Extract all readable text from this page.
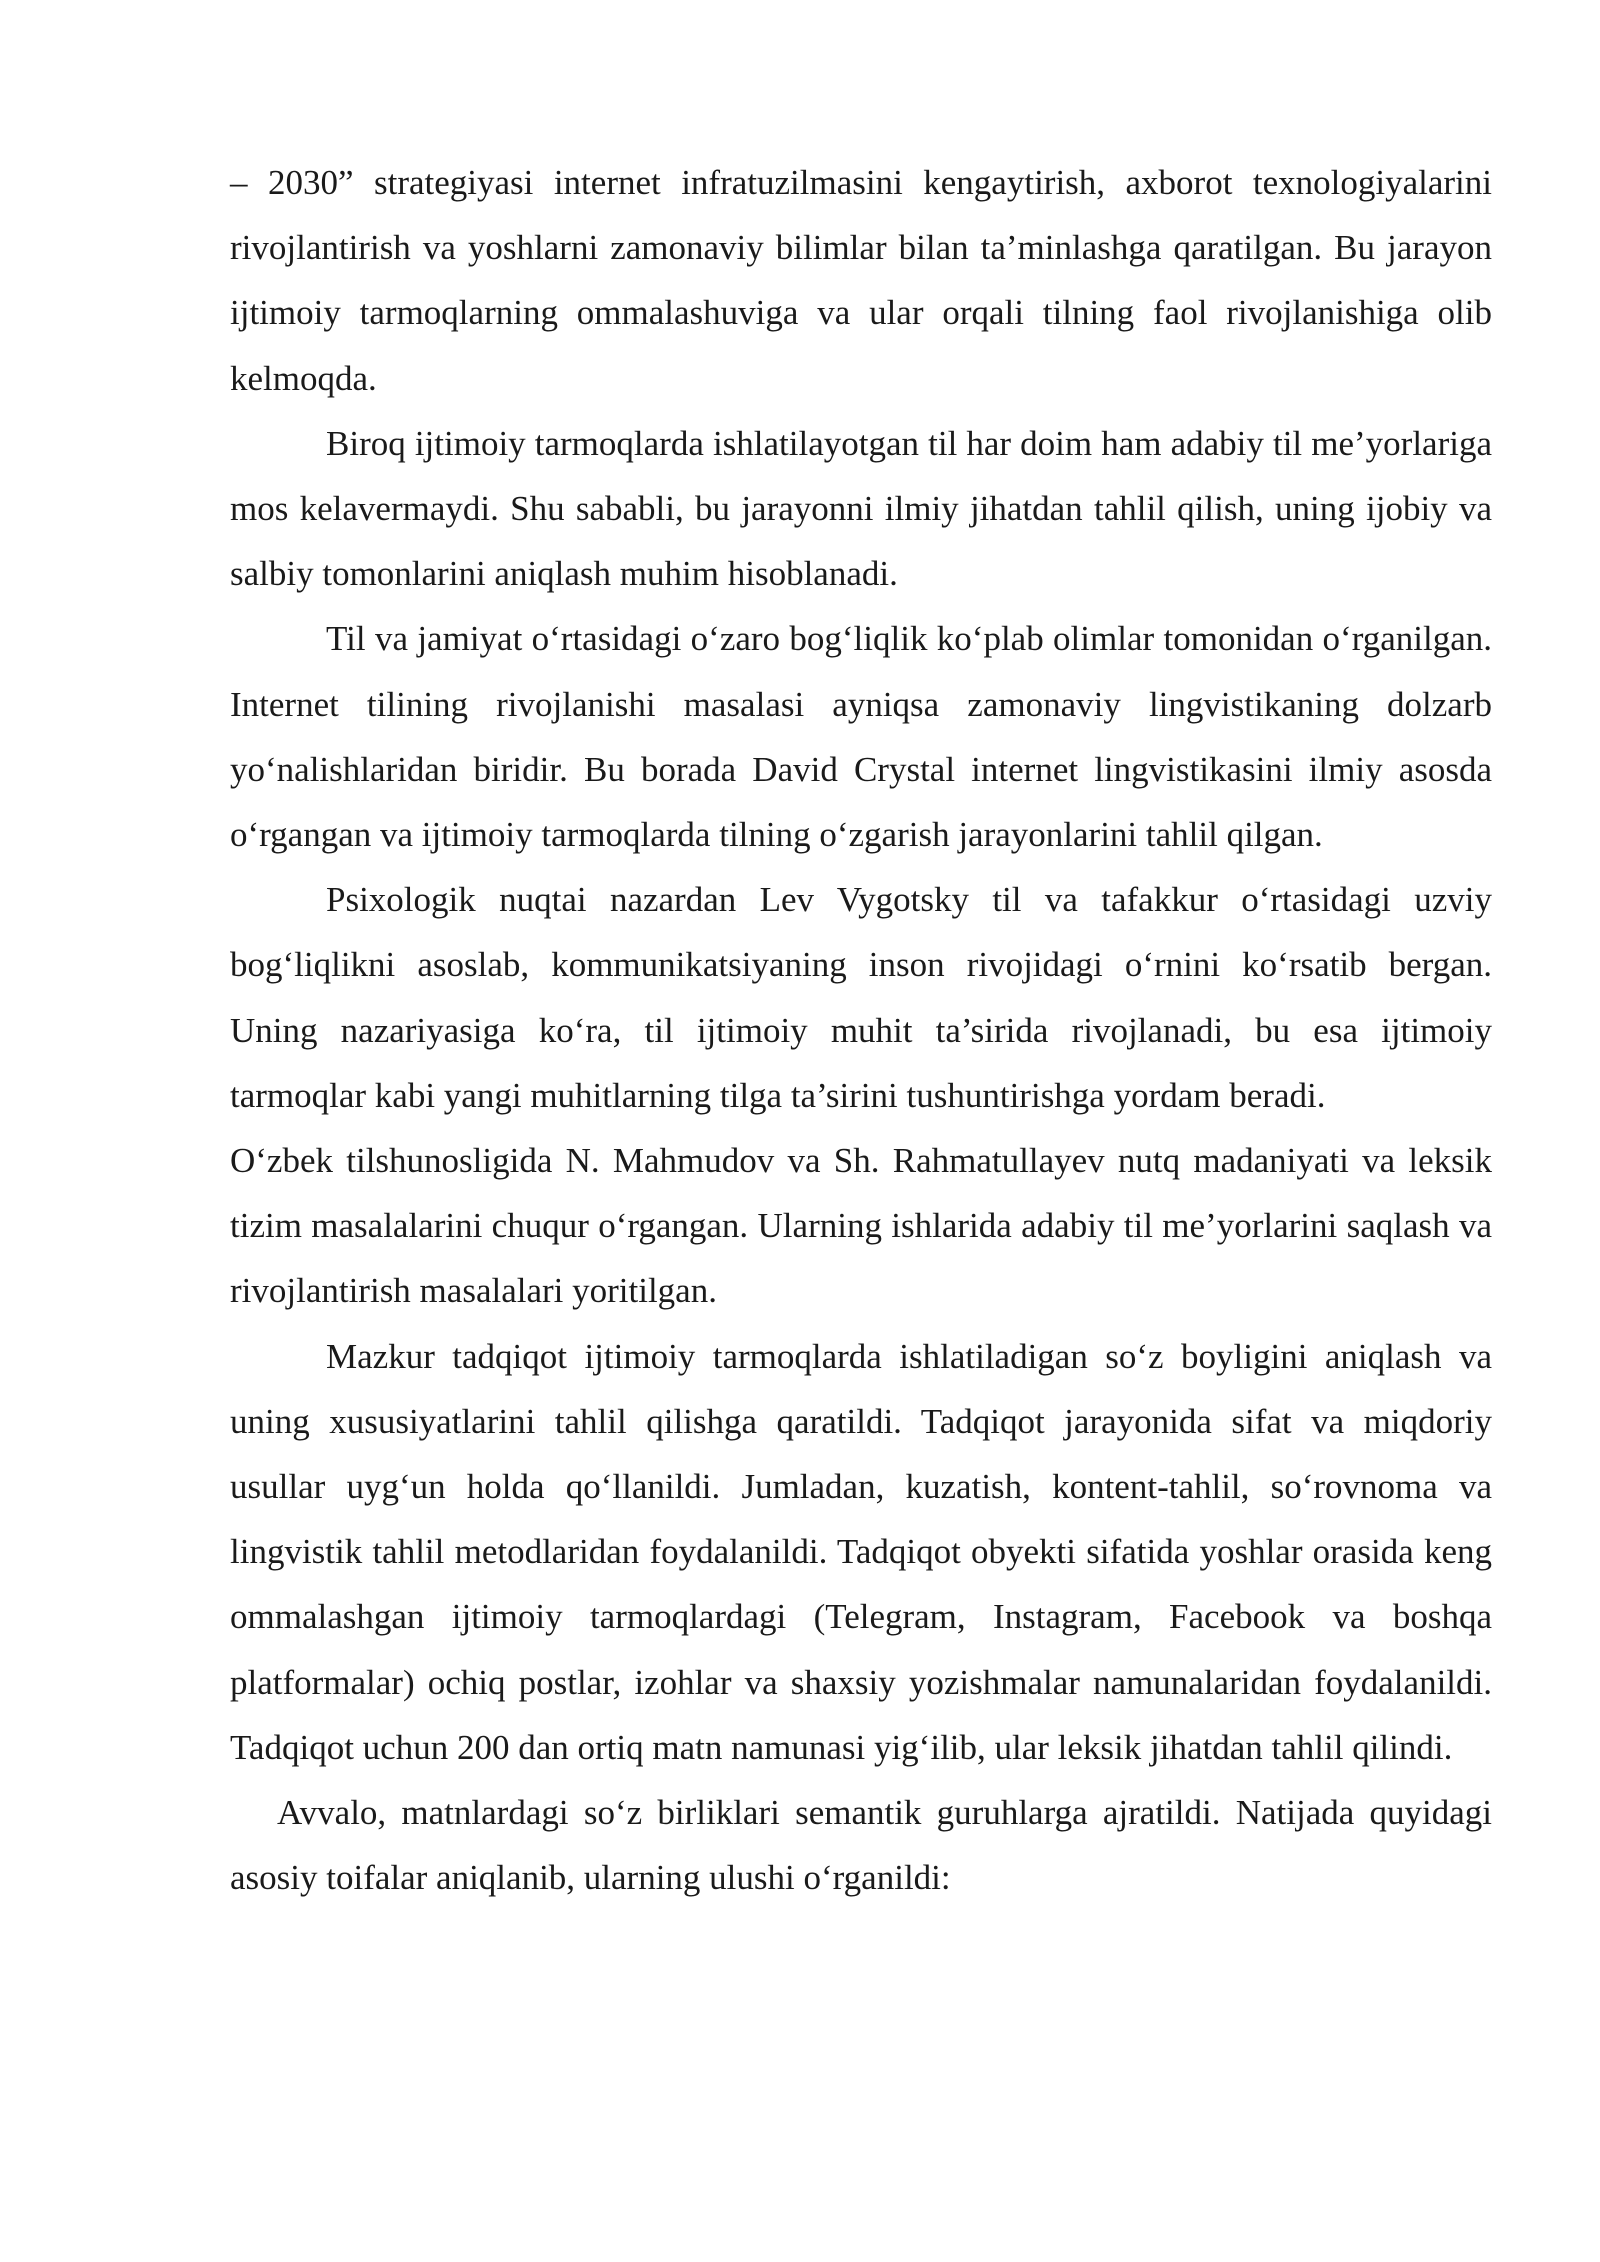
– 2030” strategiyasi internet infratuzilmasini kengaytirish, axborot texnologiyalarini rivojlantirish va yoshlarni zamonaviy bilimlar bilan ta’minlashga qaratilgan. Bu jarayon ijtimoiy tarmoqlarning ommalashuviga va ular orqali tilning faol rivojlanishiga olib kelmoqda.

Biroq ijtimoiy tarmoqlarda ishlatilayotgan til har doim ham adabiy til me’yorlariga mos kelavermaydi. Shu sababli, bu jarayonni ilmiy jihatdan tahlil qilish, uning ijobiy va salbiy tomonlarini aniqlash muhim hisoblanadi.

Til va jamiyat o‘rtasidagi o‘zaro bog‘liqlik ko‘plab olimlar tomonidan o‘rganilgan. Internet tilining rivojlanishi masalasi ayniqsa zamonaviy lingvistikaning dolzarb yo‘nalishlaridan biridir. Bu borada David Crystal internet lingvistikasini ilmiy asosda o‘rgangan va ijtimoiy tarmoqlarda tilning o‘zgarish jarayonlarini tahlil qilgan.

Psixologik nuqtai nazardan Lev Vygotsky til va tafakkur o‘rtasidagi uzviy bog‘liqlikni asoslab, kommunikatsiyaning inson rivojidagi o‘rnini ko‘rsatib bergan. Uning nazariyasiga ko‘ra, til ijtimoiy muhit ta’sirida rivojlanadi, bu esa ijtimoiy tarmoqlar kabi yangi muhitlarning tilga ta’sirini tushuntirishga yordam beradi.

O‘zbek tilshunosligida N. Mahmudov va Sh. Rahmatullayev nutq madaniyati va leksik tizim masalalarini chuqur o‘rgangan. Ularning ishlarida adabiy til me’yorlarini saqlash va rivojlantirish masalalari yoritilgan.

Mazkur tadqiqot ijtimoiy tarmoqlarda ishlatiladigan so‘z boyligini aniqlash va uning xususiyatlarini tahlil qilishga qaratildi. Tadqiqot jarayonida sifat va miqdoriy usullar uyg‘un holda qo‘llanildi. Jumladan, kuzatish, kontent-tahlil, so‘rovnoma va lingvistik tahlil metodlaridan foydalanildi. Tadqiqot obyekti sifatida yoshlar orasida keng ommalashgan ijtimoiy tarmoqlardagi (Telegram, Instagram, Facebook va boshqa platformalar) ochiq postlar, izohlar va shaxsiy yozishmalar namunalaridan foydalanildi. Tadqiqot uchun 200 dan ortiq matn namunasi yig‘ilib, ular leksik jihatdan tahlil qilindi.

Avvalo, matnlardagi so‘z birliklari semantik guruhlarga ajratildi. Natijada quyidagi asosiy toifalar aniqlanib, ularning ulushi o‘rganildi:
